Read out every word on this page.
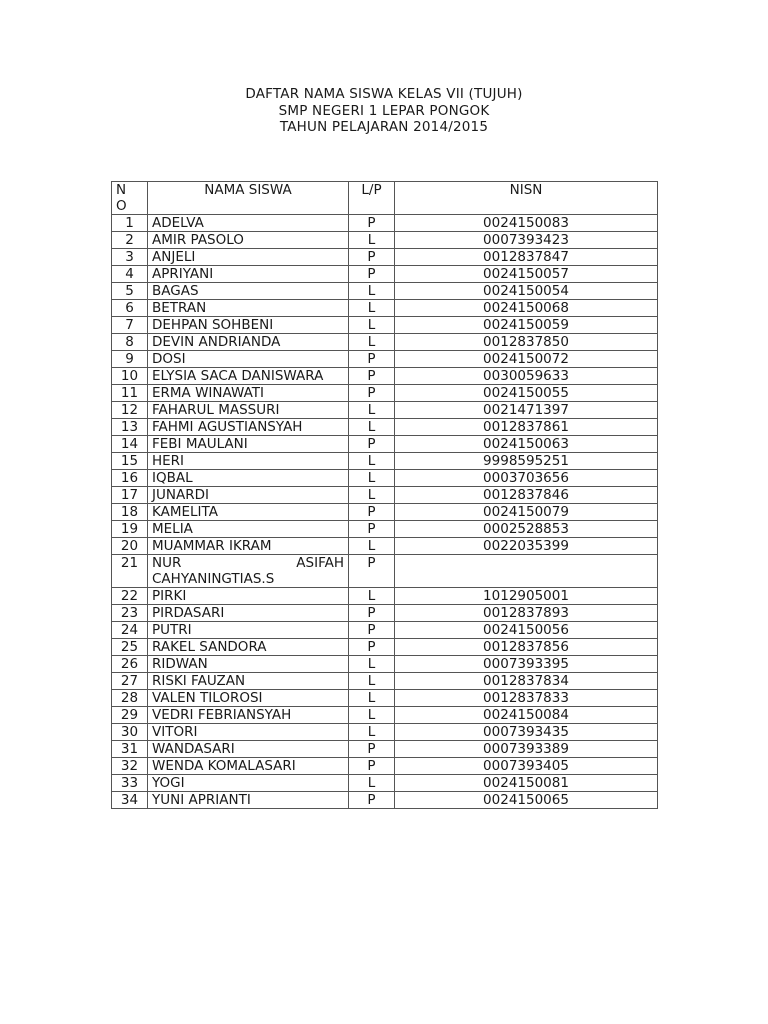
DAFTAR NAMA SISWA KELAS VII (TUJUH)
SMP NEGERI 1 LEPAR PONGOK
TAHUN PELAJARAN 2014/2015
N
O	NAMA SISWA	L/P	NISN
1	ADELVA	P	0024150083
2	AMIR PASOLO	L	0007393423
3	ANJELI	P	0012837847
4	APRIYANI	P	0024150057
5	BAGAS	L	0024150054
6	BETRAN	L	0024150068
7	DEHPAN SOHBENI	L	0024150059
8	DEVIN ANDRIANDA	L	0012837850
9	DOSI	P	0024150072
10	ELYSIA SACA DANISWARA	P	0030059633
11	ERMA WINAWATI	P	0024150055
12	FAHARUL MASSURI	L	0021471397
13	FAHMI AGUSTIANSYAH	L	0012837861
14	FEBI MAULANI	P	0024150063
15	HERI	L	9998595251
16	IQBAL	L	0003703656
17	JUNARDI	L	0012837846
18	KAMELITA	P	0024150079
19	MELIA	P	0002528853
20	MUAMMAR IKRAM	L	0022035399
21	NUR ASIFAH
CAHYANINGTIAS.S	P	
22	PIRKI	L	1012905001
23	PIRDASARI	P	0012837893
24	PUTRI	P	0024150056
25	RAKEL SANDORA	P	0012837856
26	RIDWAN	L	0007393395
27	RISKI FAUZAN	L	0012837834
28	VALEN TILOROSI	L	0012837833
29	VEDRI FEBRIANSYAH	L	0024150084
30	VITORI	L	0007393435
31	WANDASARI	P	0007393389
32	WENDA KOMALASARI	P	0007393405
33	YOGI	L	0024150081
34	YUNI APRIANTI	P	0024150065
